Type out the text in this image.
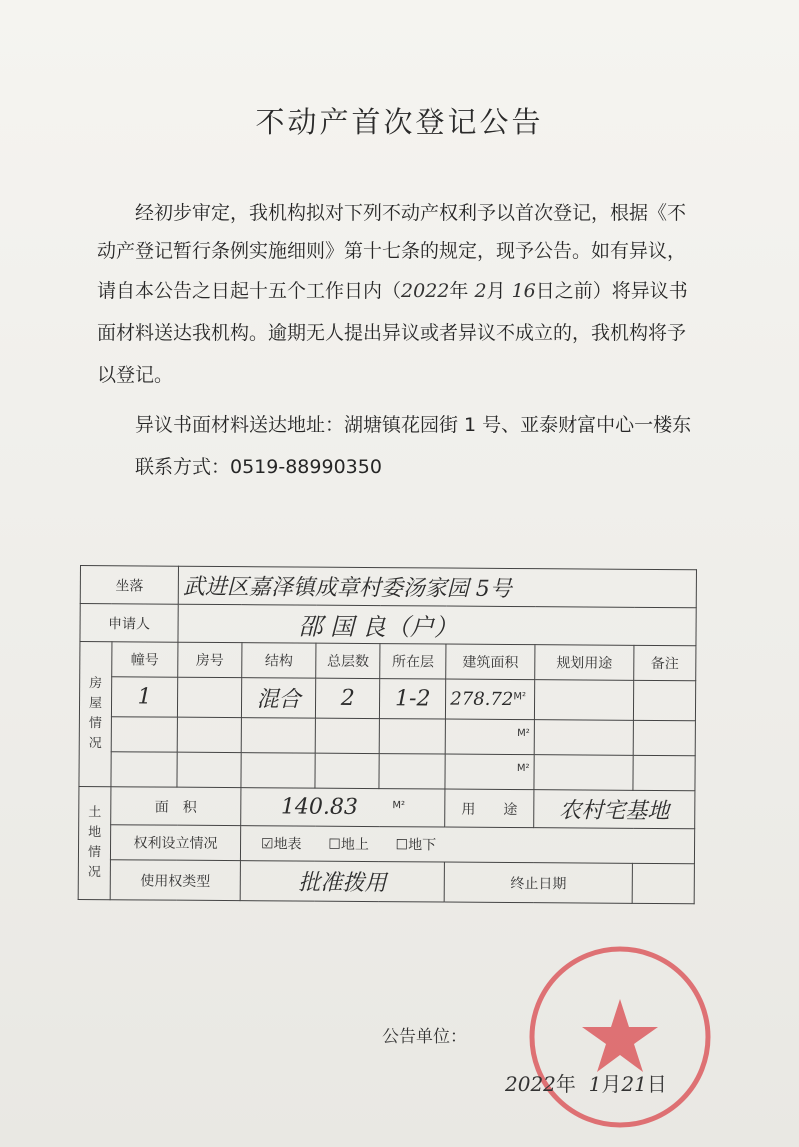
不动产首次登记公告
经初步审定，我机构拟对下列不动产权利予以首次登记，根据《不
动产登记暂行条例实施细则》第十七条的规定，现予公告。如有异议，
请自本公告之日起十五个工作日内（2022年 2月 16日之前）将异议书
面材料送达我机构。逾期无人提出异议或者异议不成立的，我机构将予
以登记。
异议书面材料送达地址：湖塘镇花园街 1 号、亚泰财富中心一楼东
联系方式：0519-88990350
坐落		武进区嘉泽镇成章村委汤家园 5号						
申请人		邵 国 良（户）						
房屋情况	幢号	房号	结构	总层数	所在层	建筑面积	规划用途	备注
	1		混合	2	1-2	$278.72^{M^2}$		
						$^{M^2}$		
						$^{M^2}$		
土地情况	面　积		140.83 $^{M^2}$			用　　途	农村宅基地	
	权利设立情况		☑地表 ☐地上 ☐地下					
	使用权类型		批准拨用			终止日期		
公告单位：
2022年 1月21日
